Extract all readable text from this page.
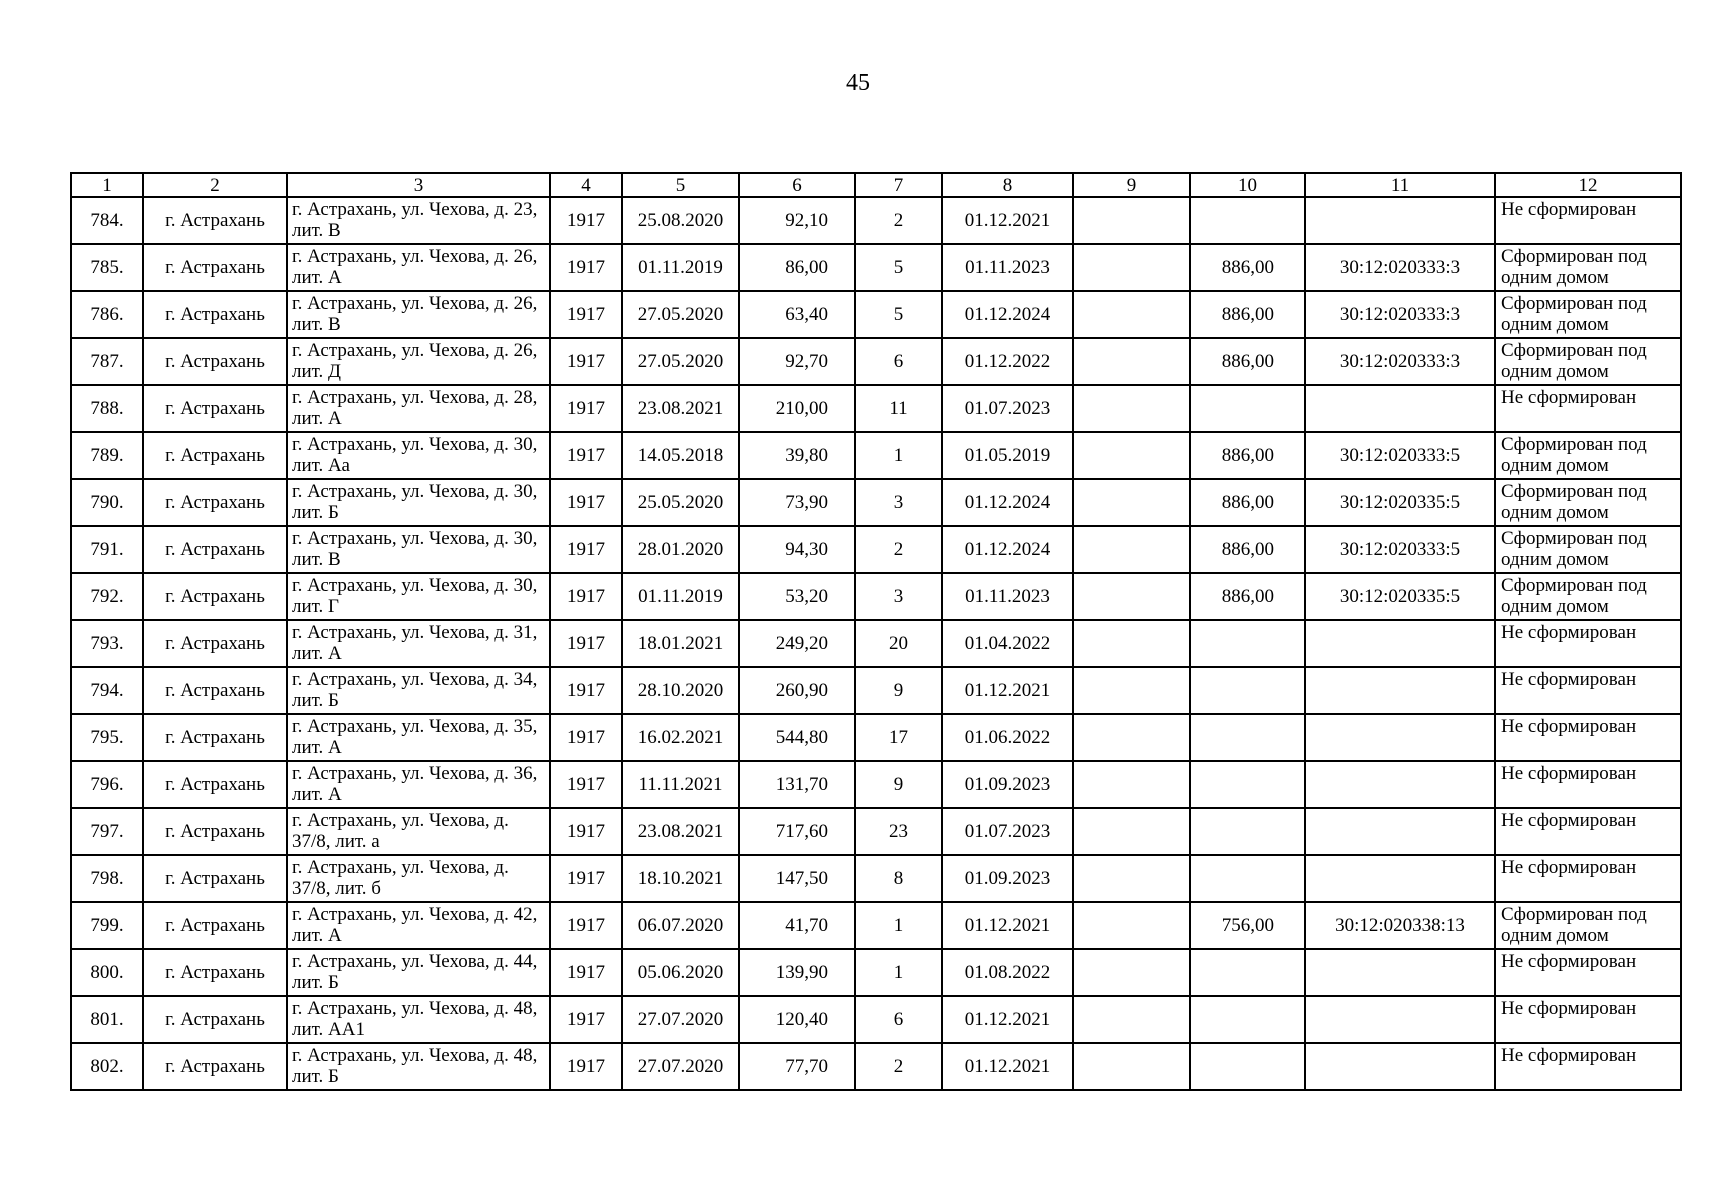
45
1	2	3	4	5	6	7	8	9	10	11	12
784.	г. Астрахань	г. Астрахань, ул. Чехова, д. 23, лит. В	1917	25.08.2020	92,10	2	01.12.2021				Не сформирован
785.	г. Астрахань	г. Астрахань, ул. Чехова, д. 26, лит. А	1917	01.11.2019	86,00	5	01.11.2023		886,00	30:12:020333:3	Сформирован под одним домом
786.	г. Астрахань	г. Астрахань, ул. Чехова, д. 26, лит. В	1917	27.05.2020	63,40	5	01.12.2024		886,00	30:12:020333:3	Сформирован под одним домом
787.	г. Астрахань	г. Астрахань, ул. Чехова, д. 26, лит. Д	1917	27.05.2020	92,70	6	01.12.2022		886,00	30:12:020333:3	Сформирован под одним домом
788.	г. Астрахань	г. Астрахань, ул. Чехова, д. 28, лит. А	1917	23.08.2021	210,00	11	01.07.2023				Не сформирован
789.	г. Астрахань	г. Астрахань, ул. Чехова, д. 30, лит. Аа	1917	14.05.2018	39,80	1	01.05.2019		886,00	30:12:020333:5	Сформирован под одним домом
790.	г. Астрахань	г. Астрахань, ул. Чехова, д. 30, лит. Б	1917	25.05.2020	73,90	3	01.12.2024		886,00	30:12:020335:5	Сформирован под одним домом
791.	г. Астрахань	г. Астрахань, ул. Чехова, д. 30, лит. В	1917	28.01.2020	94,30	2	01.12.2024		886,00	30:12:020333:5	Сформирован под одним домом
792.	г. Астрахань	г. Астрахань, ул. Чехова, д. 30, лит. Г	1917	01.11.2019	53,20	3	01.11.2023		886,00	30:12:020335:5	Сформирован под одним домом
793.	г. Астрахань	г. Астрахань, ул. Чехова, д. 31, лит. А	1917	18.01.2021	249,20	20	01.04.2022				Не сформирован
794.	г. Астрахань	г. Астрахань, ул. Чехова, д. 34, лит. Б	1917	28.10.2020	260,90	9	01.12.2021				Не сформирован
795.	г. Астрахань	г. Астрахань, ул. Чехова, д. 35, лит. А	1917	16.02.2021	544,80	17	01.06.2022				Не сформирован
796.	г. Астрахань	г. Астрахань, ул. Чехова, д. 36, лит. А	1917	11.11.2021	131,70	9	01.09.2023				Не сформирован
797.	г. Астрахань	г. Астрахань, ул. Чехова, д. 37/8, лит. а	1917	23.08.2021	717,60	23	01.07.2023				Не сформирован
798.	г. Астрахань	г. Астрахань, ул. Чехова, д. 37/8, лит. б	1917	18.10.2021	147,50	8	01.09.2023				Не сформирован
799.	г. Астрахань	г. Астрахань, ул. Чехова, д. 42, лит. А	1917	06.07.2020	41,70	1	01.12.2021		756,00	30:12:020338:13	Сформирован под одним домом
800.	г. Астрахань	г. Астрахань, ул. Чехова, д. 44, лит. Б	1917	05.06.2020	139,90	1	01.08.2022				Не сформирован
801.	г. Астрахань	г. Астрахань, ул. Чехова, д. 48, лит. АА1	1917	27.07.2020	120,40	6	01.12.2021				Не сформирован
802.	г. Астрахань	г. Астрахань, ул. Чехова, д. 48, лит. Б	1917	27.07.2020	77,70	2	01.12.2021				Не сформирован
